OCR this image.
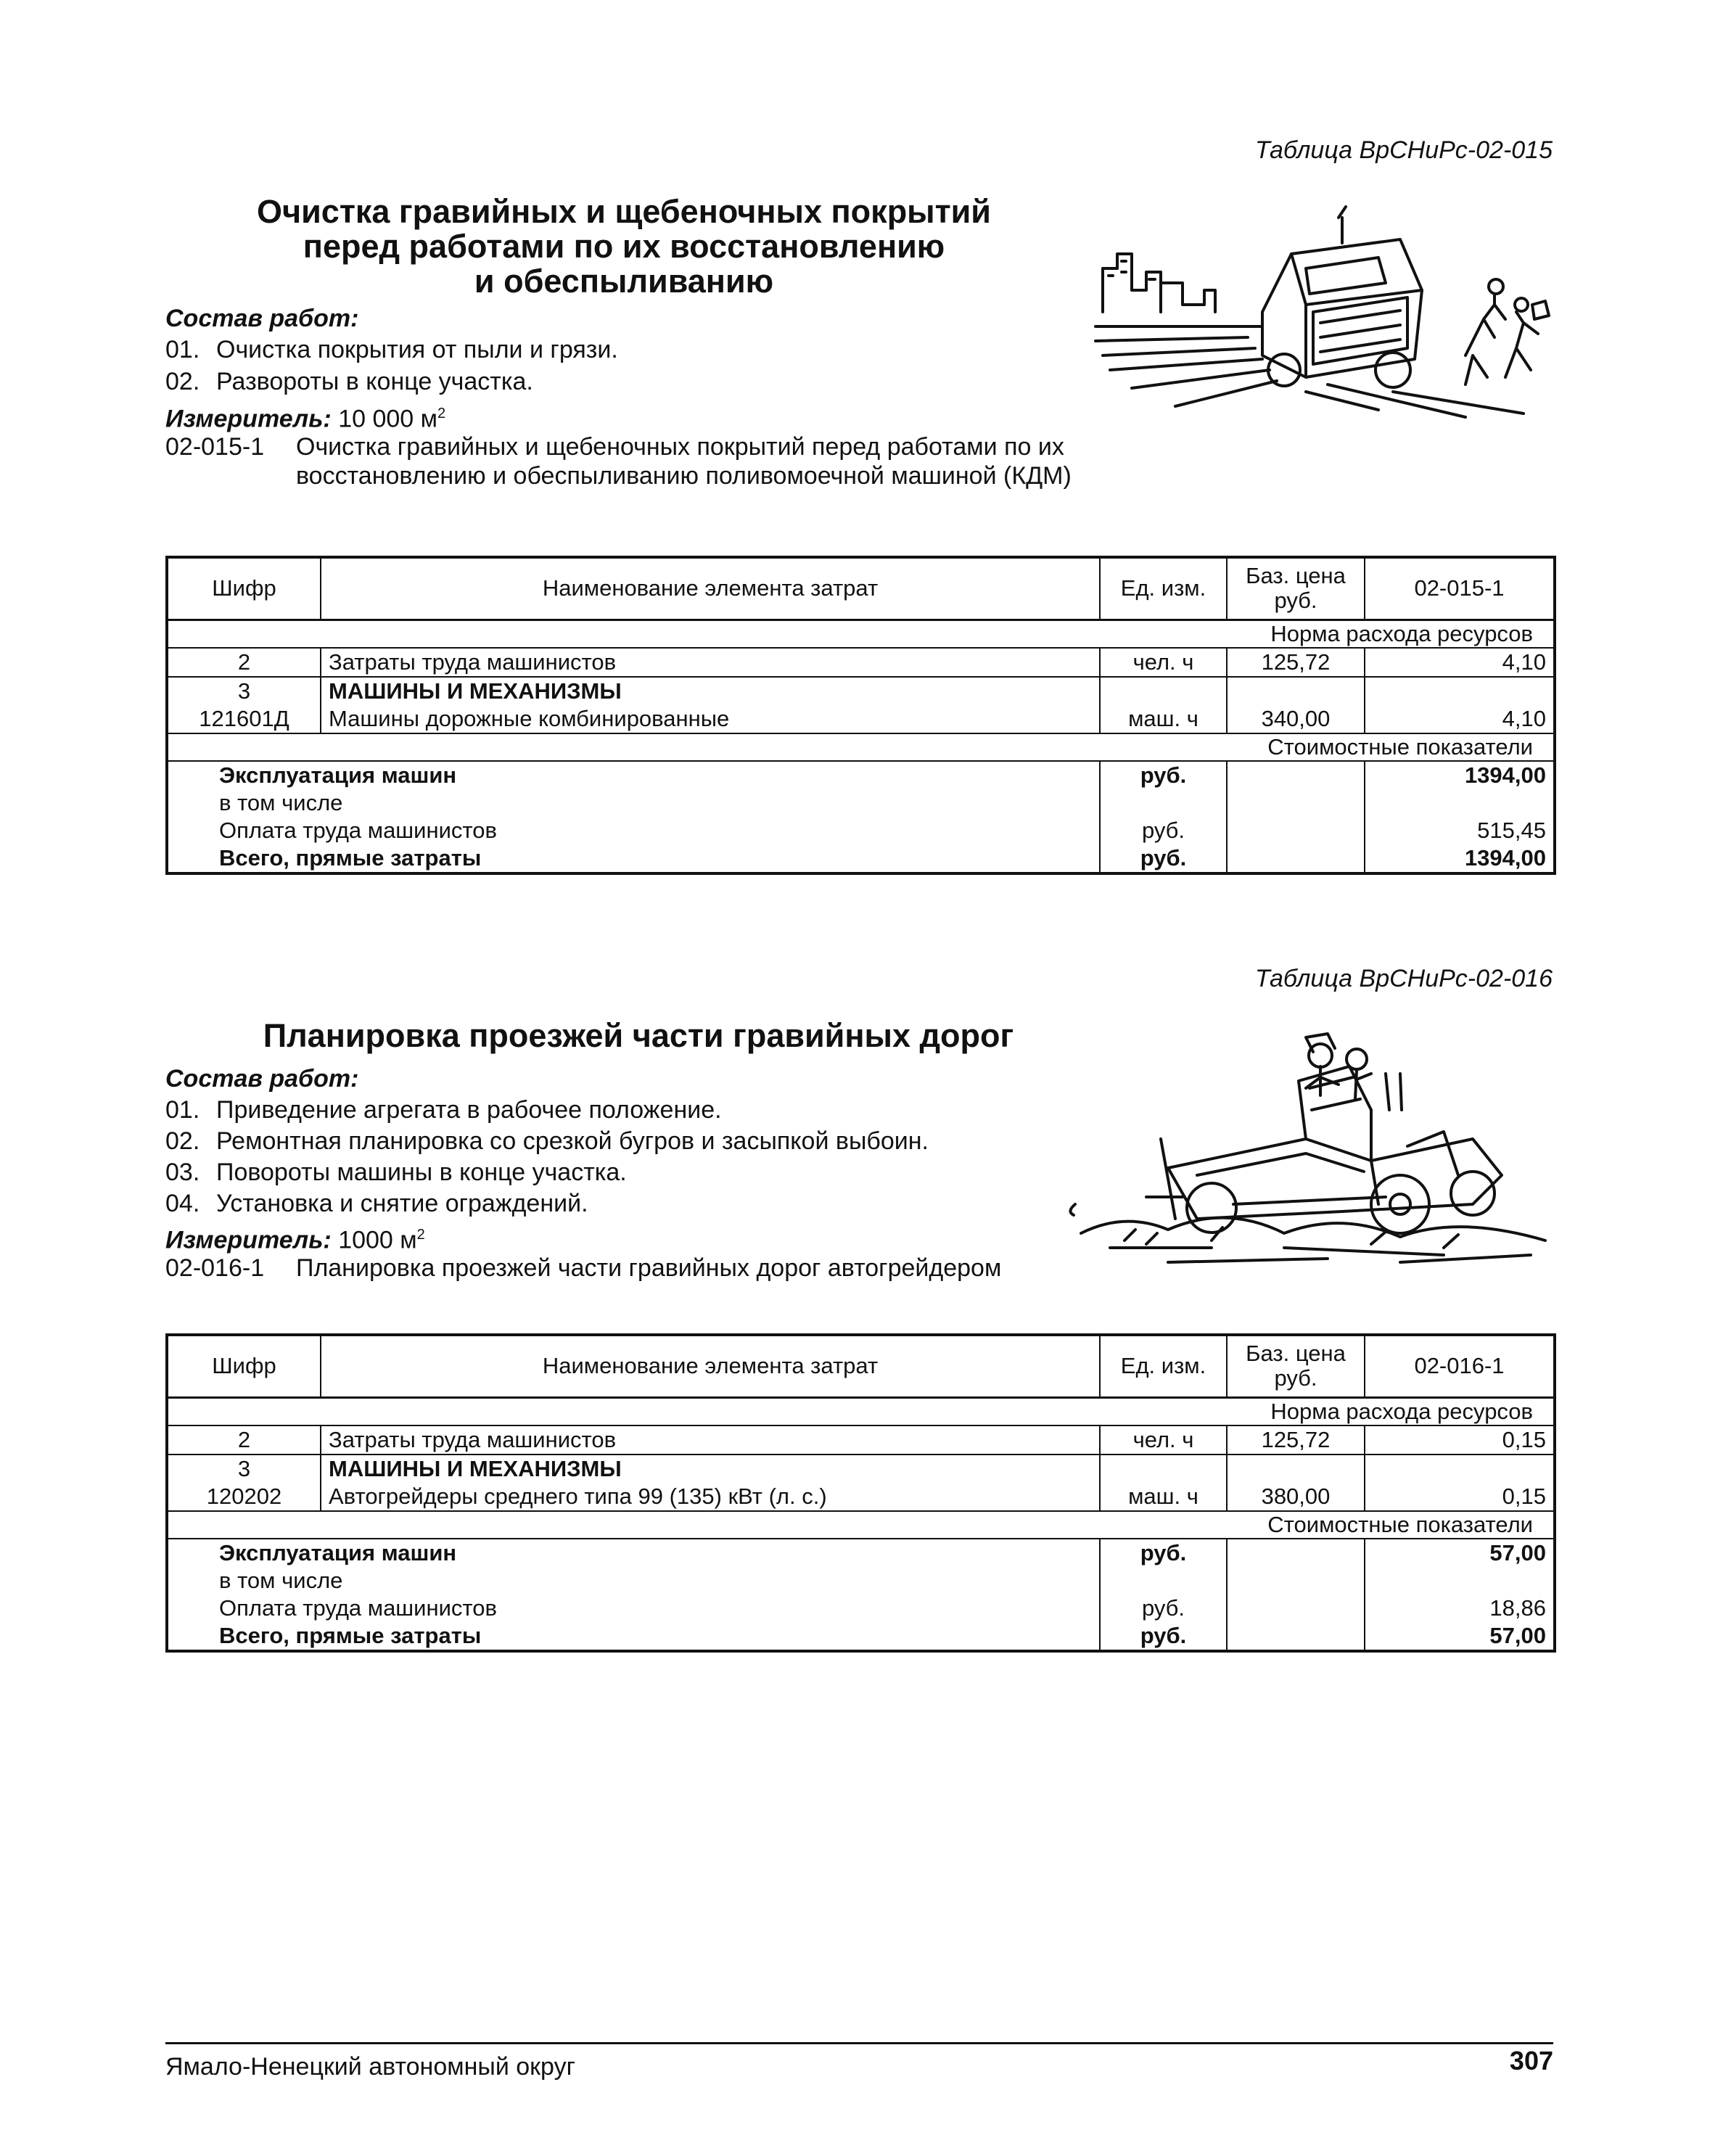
Таблица ВрСНиРс-02-015
Очистка гравийных и щебеночных покрытий
перед работами по их восстановлению
и обеспыливанию
Состав работ:
01. Очистка покрытия от пыли и грязи.
02. Развороты в конце участка.
Измеритель: 10 000 $м^2$
02-015-1 Очистка гравийных и щебеночных покрытий перед работами по их восстановлению и обеспыливанию поливомоечной машиной (КДМ)
Шифр	Наименование элемента затрат	Ед. изм.	Баз. цена руб.	02-015-1
			Норма расхода ресурсов	
2	Затраты труда машинистов	чел. ч	125,72	4,10
3	МАШИНЫ И МЕХАНИЗМЫ			
121601Д	Машины дорожные комбинированные	маш. ч	340,00	4,10
			Стоимостные показатели	
Эксплуатация машин		руб.		1394,00
в том числе				
Оплата труда машинистов		руб.		515,45
Всего, прямые затраты		руб.		1394,00
Таблица ВрСНиРс-02-016
Планировка проезжей части гравийных дорог
Состав работ:
01. Приведение агрегата в рабочее положение.
02. Ремонтная планировка со срезкой бугров и засыпкой выбоин.
03. Повороты машины в конце участка.
04. Установка и снятие ограждений.
Измеритель: 1000 $м^2$
02-016-1 Планировка проезжей части гравийных дорог автогрейдером
Шифр	Наименование элемента затрат	Ед. изм.	Баз. цена руб.	02-016-1
			Норма расхода ресурсов	
2	Затраты труда машинистов	чел. ч	125,72	0,15
3	МАШИНЫ И МЕХАНИЗМЫ			
120202	Автогрейдеры среднего типа 99 (135) кВт (л. с.)	маш. ч	380,00	0,15
			Стоимостные показатели	
Эксплуатация машин		руб.		57,00
в том числе				
Оплата труда машинистов		руб.		18,86
Всего, прямые затраты		руб.		57,00
Ямало-Ненецкий автономный округ	307
